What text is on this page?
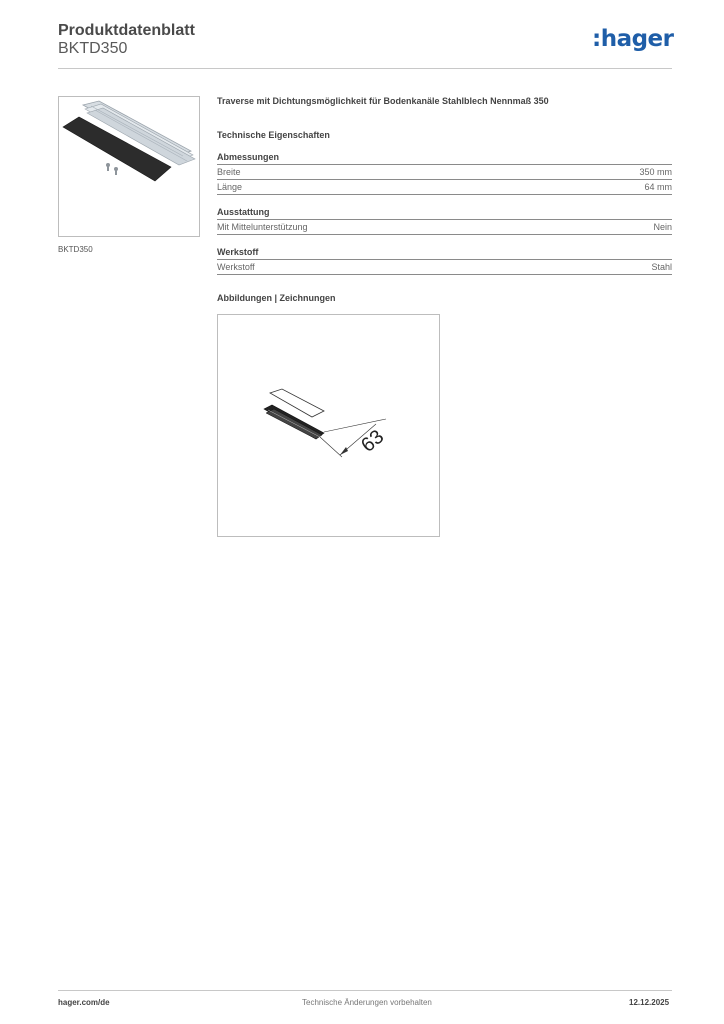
Produktdatenblatt
BKTD350	:hager
BKTD350
Traverse mit Dichtungsmöglichkeit für Bodenkanäle Stahlblech Nennmaß 350
Technische Eigenschaften
Abmessungen
Breite	350 mm
Länge	64 mm
Ausstattung
Mit Mittelunterstützung	Nein
Werkstoff
Werkstoff	Stahl
Abbildungen | Zeichnungen
63
hager.com/de	Technische Änderungen vorbehalten	12.12.2025
